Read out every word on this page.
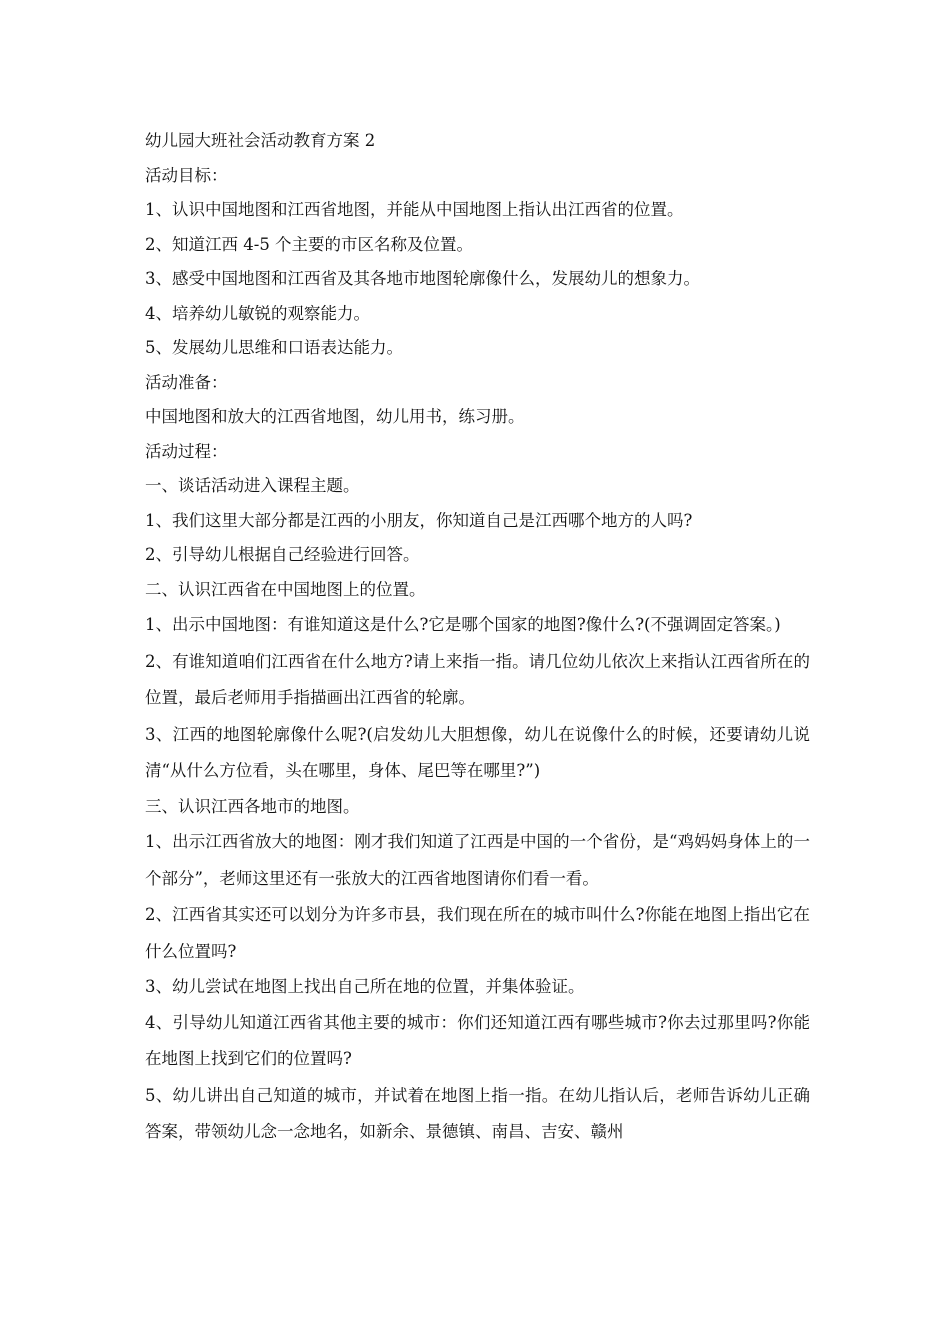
幼儿园大班社会活动教育方案 2

活动目标：

1、认识中国地图和江西省地图，并能从中国地图上指认出江西省的位置。

2、知道江西 4-5 个主要的市区名称及位置。

3、感受中国地图和江西省及其各地市地图轮廓像什么，发展幼儿的想象力。

4、培养幼儿敏锐的观察能力。

5、发展幼儿思维和口语表达能力。

活动准备：

中国地图和放大的江西省地图，幼儿用书，练习册。

活动过程：

一、谈话活动进入课程主题。

1、我们这里大部分都是江西的小朋友，你知道自己是江西哪个地方的人吗?

2、引导幼儿根据自己经验进行回答。

二、认识江西省在中国地图上的位置。

1、出示中国地图：有谁知道这是什么?它是哪个国家的地图?像什么?(不强调固定答案。)

2、有谁知道咱们江西省在什么地方?请上来指一指。请几位幼儿依次上来指认江西省所在的位置，最后老师用手指描画出江西省的轮廓。

3、江西的地图轮廓像什么呢?(启发幼儿大胆想像，幼儿在说像什么的时候，还要请幼儿说清“从什么方位看，头在哪里，身体、尾巴等在哪里?”)

三、认识江西各地市的地图。

1、出示江西省放大的地图：刚才我们知道了江西是中国的一个省份，是“鸡妈妈身体上的一个部分”，老师这里还有一张放大的江西省地图请你们看一看。

2、江西省其实还可以划分为许多市县，我们现在所在的城市叫什么?你能在地图上指出它在什么位置吗?

3、幼儿尝试在地图上找出自己所在地的位置，并集体验证。

4、引导幼儿知道江西省其他主要的城市：你们还知道江西有哪些城市?你去过那里吗?你能在地图上找到它们的位置吗?

5、幼儿讲出自己知道的城市，并试着在地图上指一指。在幼儿指认后，老师告诉幼儿正确答案，带领幼儿念一念地名，如新余、景德镇、南昌、吉安、赣州
